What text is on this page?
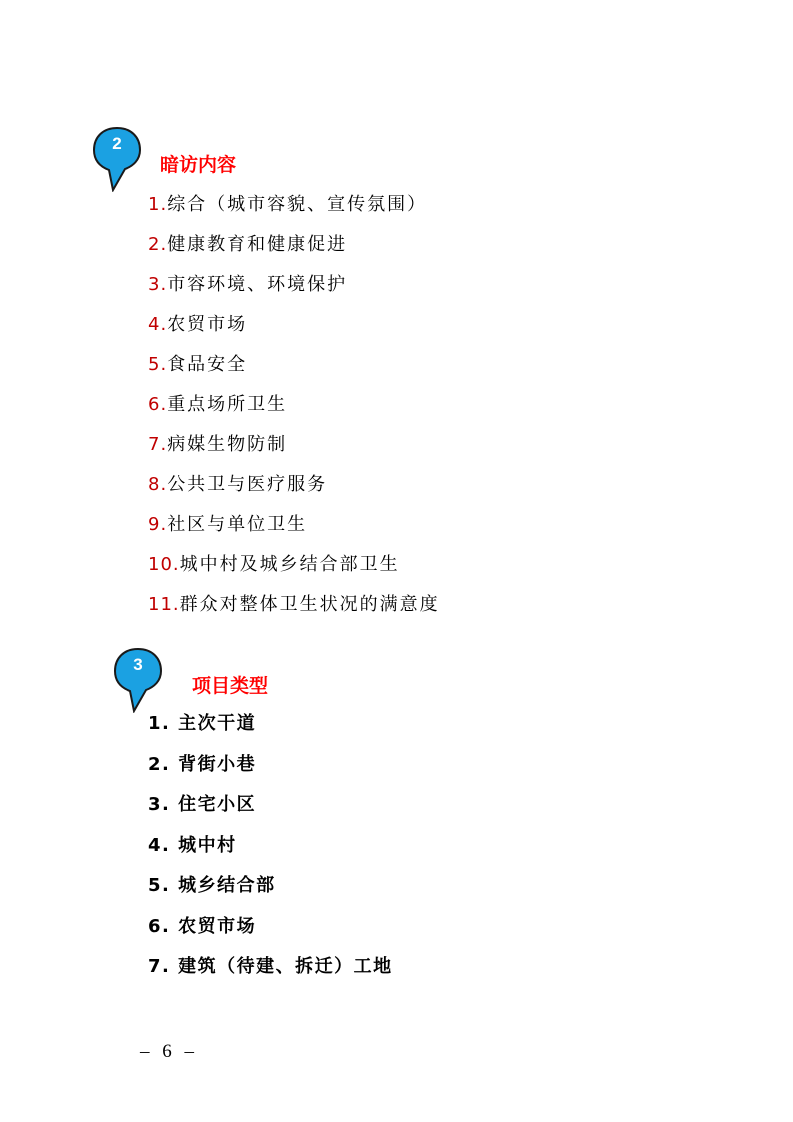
2
暗访内容
1.综合（城市容貌、宣传氛围）
2.健康教育和健康促进
3.市容环境、环境保护
4.农贸市场
5.食品安全
6.重点场所卫生
7.病媒生物防制
8.公共卫与医疗服务
9.社区与单位卫生
10.城中村及城乡结合部卫生
11.群众对整体卫生状况的满意度
3
项目类型
1. 主次干道
2. 背街小巷
3. 住宅小区
4. 城中村
5. 城乡结合部
6. 农贸市场
7. 建筑（待建、拆迁）工地
– 6 –
